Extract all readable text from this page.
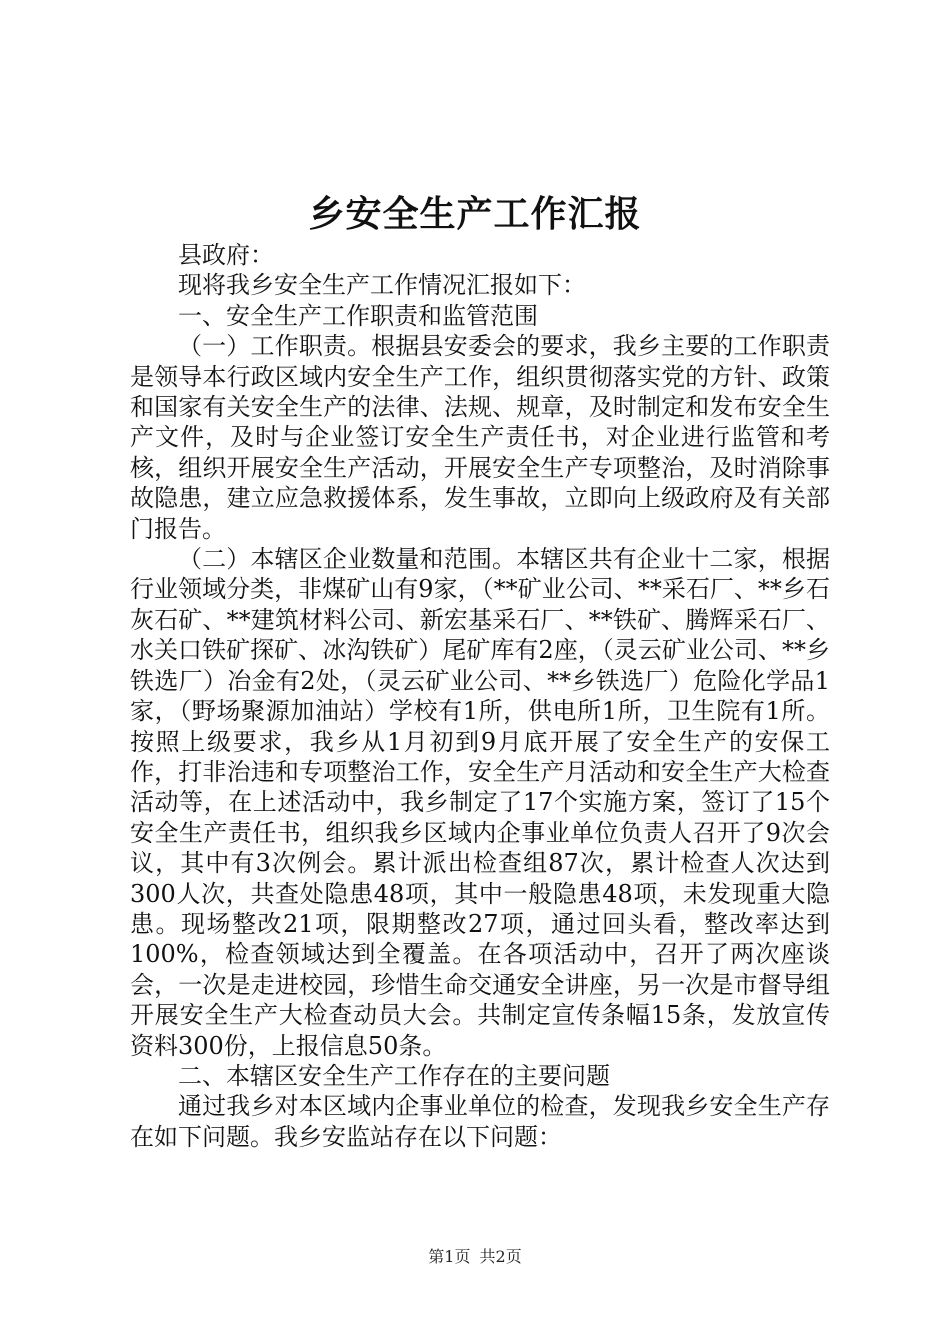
乡安全生产工作汇报

县政府：

现将我乡安全生产工作情况汇报如下：

一、安全生产工作职责和监管范围

（一）工作职责。根据县安委会的要求，我乡主要的工作职责是领导本行政区域内安全生产工作，组织贯彻落实党的方针、政策和国家有关安全生产的法律、法规、规章，及时制定和发布安全生产文件，及时与企业签订安全生产责任书，对企业进行监管和考核，组织开展安全生产活动，开展安全生产专项整治，及时消除事故隐患，建立应急救援体系，发生事故，立即向上级政府及有关部门报告。

（二）本辖区企业数量和范围。本辖区共有企业十二家，根据行业领域分类，非煤矿山有9家，（**矿业公司、**采石厂、**乡石灰石矿、**建筑材料公司、新宏基采石厂、**铁矿、腾辉采石厂、水关口铁矿探矿、冰沟铁矿）尾矿库有2座，（灵云矿业公司、**乡铁选厂）冶金有2处，（灵云矿业公司、**乡铁选厂）危险化学品1家，（野场聚源加油站）学校有1所，供电所1所，卫生院有1所。按照上级要求，我乡从1月初到9月底开展了安全生产的安保工作，打非治违和专项整治工作，安全生产月活动和安全生产大检查活动等，在上述活动中，我乡制定了17个实施方案，签订了15个安全生产责任书，组织我乡区域内企事业单位负责人召开了9次会议，其中有3次例会。累计派出检查组87次，累计检查人次达到300人次，共查处隐患48项，其中一般隐患48项，未发现重大隐患。现场整改21项，限期整改27项，通过回头看，整改率达到100%，检查领域达到全覆盖。在各项活动中，召开了两次座谈会，一次是走进校园，珍惜生命交通安全讲座，另一次是市督导组开展安全生产大检查动员大会。共制定宣传条幅15条，发放宣传资料300份，上报信息50条。

二、本辖区安全生产工作存在的主要问题

通过我乡对本区域内企事业单位的检查，发现我乡安全生产存在如下问题。我乡安监站存在以下问题：

第1页 共2页
